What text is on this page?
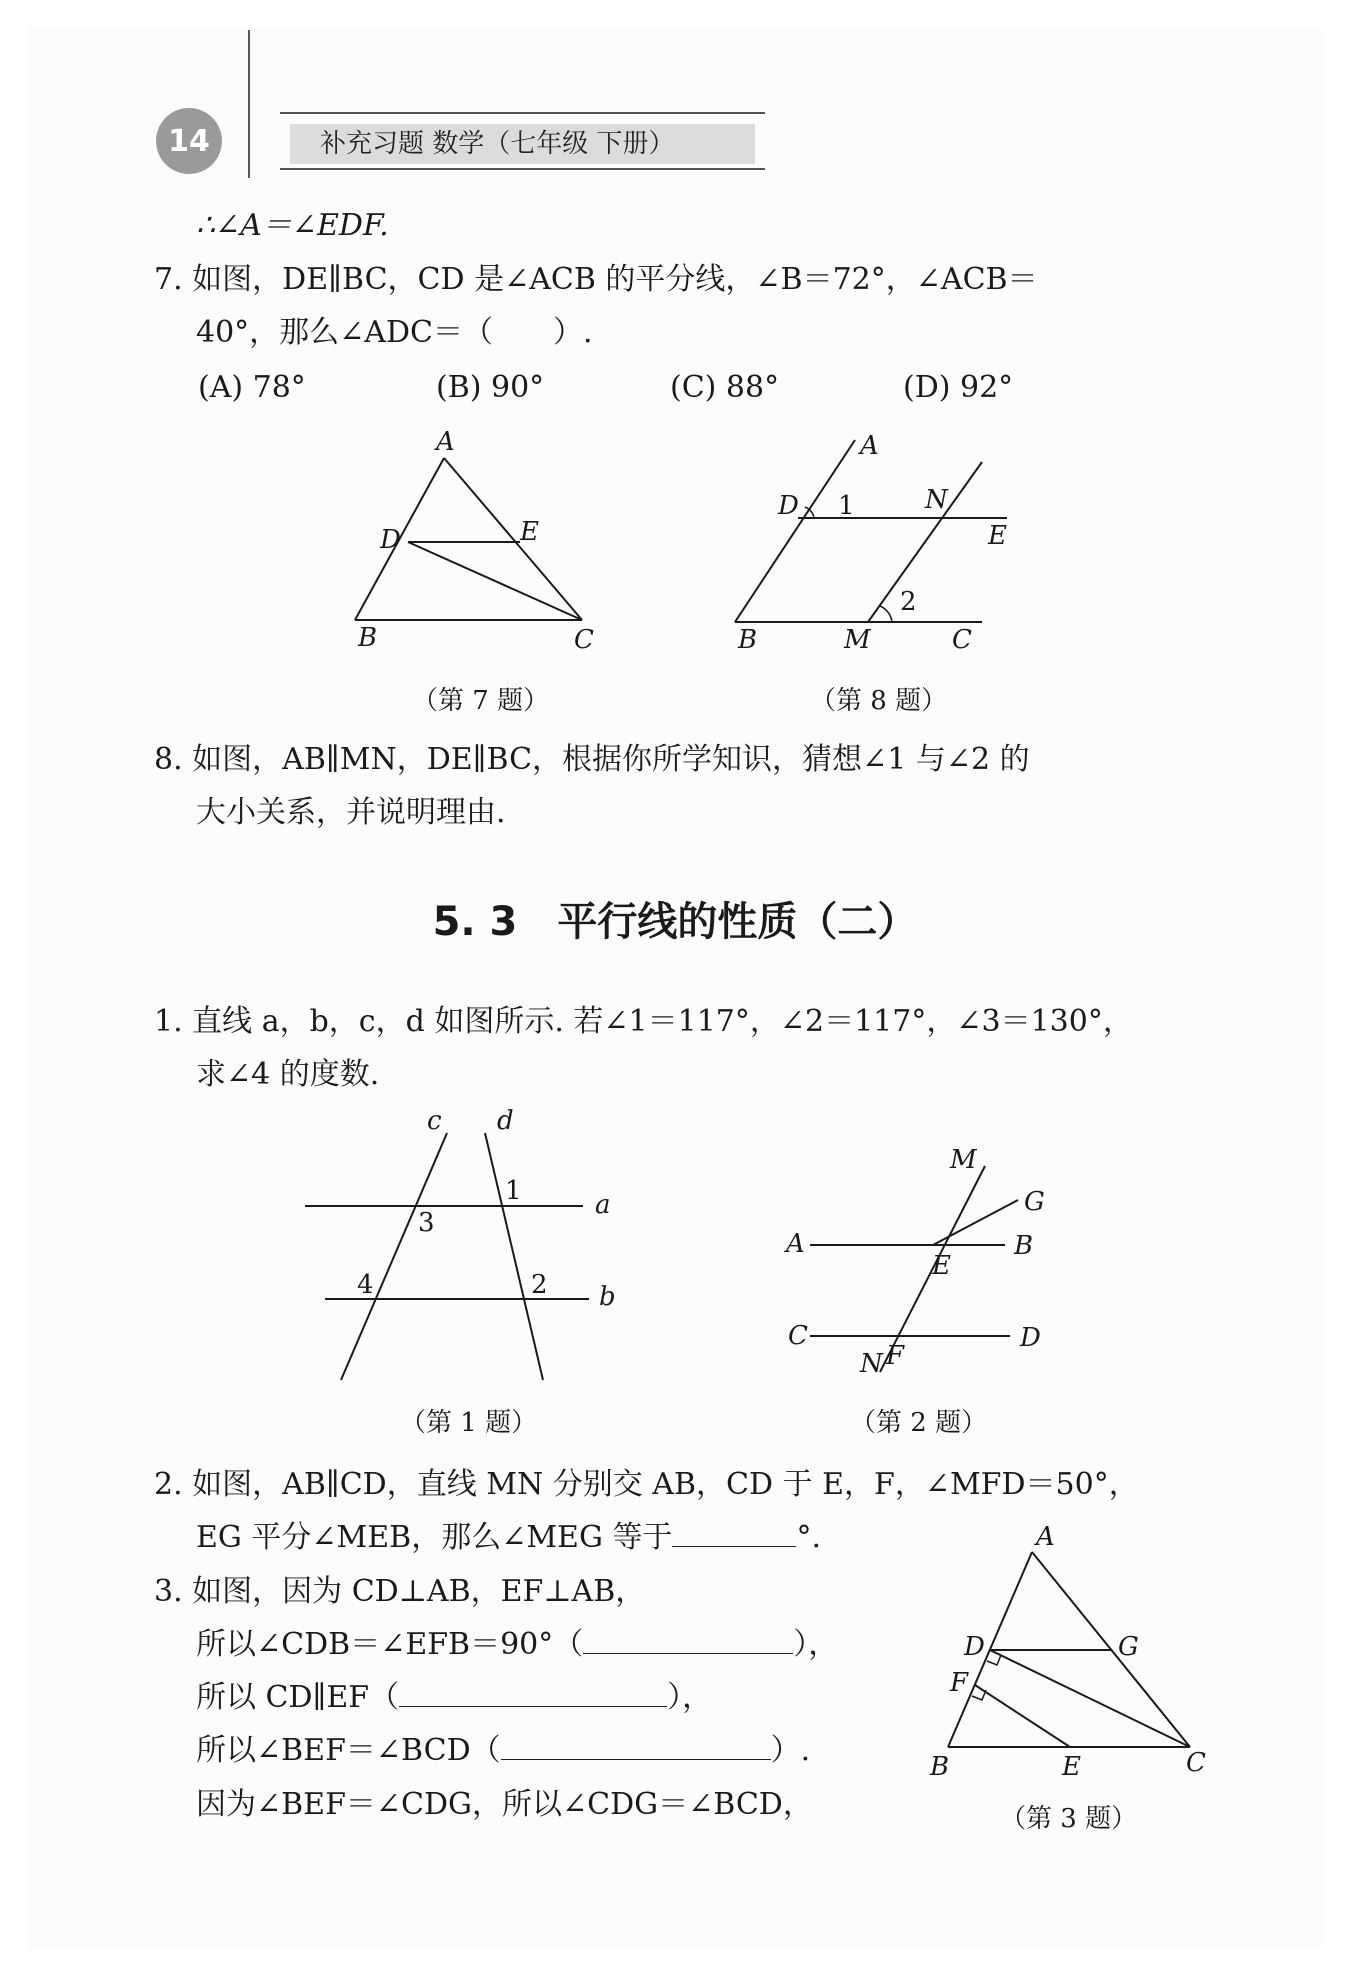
14	补充习题 数学（七年级 下册）
∴∠A＝∠EDF.
7. 如图，DE∥BC，CD 是∠ACB 的平分线，∠B＝72°，∠ACB＝
40°，那么∠ADC＝（　　）.
(A) 78°	(B) 90°	(C) 88°	(D) 92°
A
D	E
B	C
（第 7 题）
A
D 1	N
E
2
B	M	C
（第 8 题）
8. 如图，AB∥MN，DE∥BC，根据你所学知识，猜想∠1 与∠2 的
大小关系，并说明理由.
5. 3　平行线的性质（二）
1. 直线 a，b，c，d 如图所示. 若∠1＝117°，∠2＝117°，∠3＝130°，
求∠4 的度数.
c d
1
3
a
4	2 b
（第 1 题）
M
G
A	B
E
C	D
N F
（第 2 题）
2. 如图，AB∥CD，直线 MN 分别交 AB，CD 于 E，F，∠MFD＝50°，
EG 平分∠MEB，那么∠MEG 等于	°.
3. 如图，因为 CD⊥AB，EF⊥AB，
所以∠CDB＝∠EFB＝90°（	），
所以 CD∥EF（	），
所以∠BEF＝∠BCD（	）.
因为∠BEF＝∠CDG，所以∠CDG＝∠BCD，
A
D	G
F
B	E	C
（第 3 题）
